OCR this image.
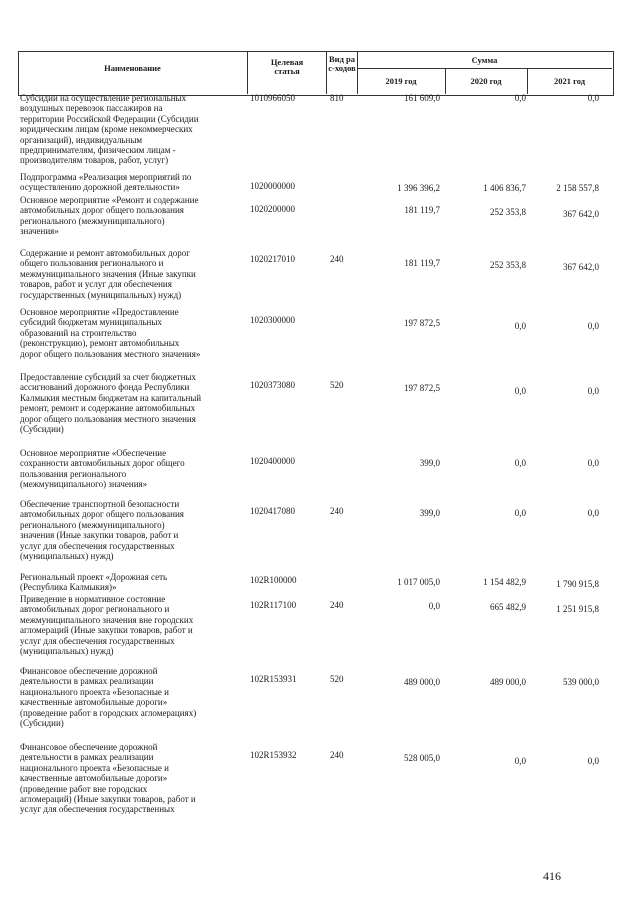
Наименование
Целевая статья
Вид рас-ходов
Сумма
2019 год	2020 год	2021 год
Субсидии на осуществление региональных
воздушных перевозок пассажиров на
территории Российской Федерации (Субсидии
юридическим лицам (кроме некоммерческих
организаций), индивидуальным
предпринимателям, физическим лицам -
производителям товаров, работ, услуг)
1010966050	810	161 609,0	0,0	0,0
Подпрограмма «Реализация мероприятий по
осуществлению дорожной деятельности»	1020000000	1 396 396,2	1 406 836,7	2 158 557,8
Основное мероприятие «Ремонт и содержание
автомобильных дорог общего пользования
регионального (межмуниципального)
значения»
1020200000	181 119,7	252 353,8	367 642,0
Содержание и ремонт автомобильных дорог
общего пользования регионального и
межмуниципального значения (Иные закупки
товаров, работ и услуг для обеспечения
государственных (муниципальных) нужд)
1020217010	240	181 119,7	252 353,8	367 642,0
Основное мероприятие «Предоставление
субсидий бюджетам муниципальных
образований на строительство
(реконструкцию), ремонт автомобильных
дорог общего пользования местного значения»
1020300000	197 872,5	0,0	0,0
Предоставление субсидий за счет бюджетных
ассигнований дорожного фонда Республики
Калмыкия местным бюджетам на капитальный
ремонт, ремонт и содержание автомобильных
дорог общего пользования местного значения
(Субсидии)
1020373080	520	197 872,5	0,0	0,0
Основное мероприятие «Обеспечение
сохранности автомобильных дорог общего
пользования регионального
(межмуниципального) значения»
1020400000	399,0	0,0	0,0
Обеспечение транспортной безопасности
автомобильных дорог общего пользования
регионального (межмуниципального)
значения (Иные закупки товаров, работ и
услуг для обеспечения государственных
(муниципальных) нужд)
1020417080	240	399,0	0,0	0,0
Региональный проект «Дорожная сеть
(Республика Калмыкия)»
102R100000	1 017 005,0	1 154 482,9	1 790 915,8
Приведение в нормативное состояние
автомобильных дорог регионального и
межмуниципального значения вне городских
агломераций (Иные закупки товаров, работ и
услуг для обеспечения государственных
(муниципальных) нужд)
102R117100	240	0,0	665 482,9	1 251 915,8
Финансовое обеспечение дорожной
деятельности в рамках реализации
национального проекта «Безопасные и
качественные автомобильные дороги»
(проведение работ в городских агломерациях)
(Субсидии)
102R153931	520	489 000,0	489 000,0	539 000,0
Финансовое обеспечение дорожной
деятельности в рамках реализации
национального проекта «Безопасные и
качественные автомобильные дороги»
(проведение работ вне городских
агломераций) (Иные закупки товаров, работ и
услуг для обеспечения государственных
102R153932	240	528 005,0	0,0	0,0
416
